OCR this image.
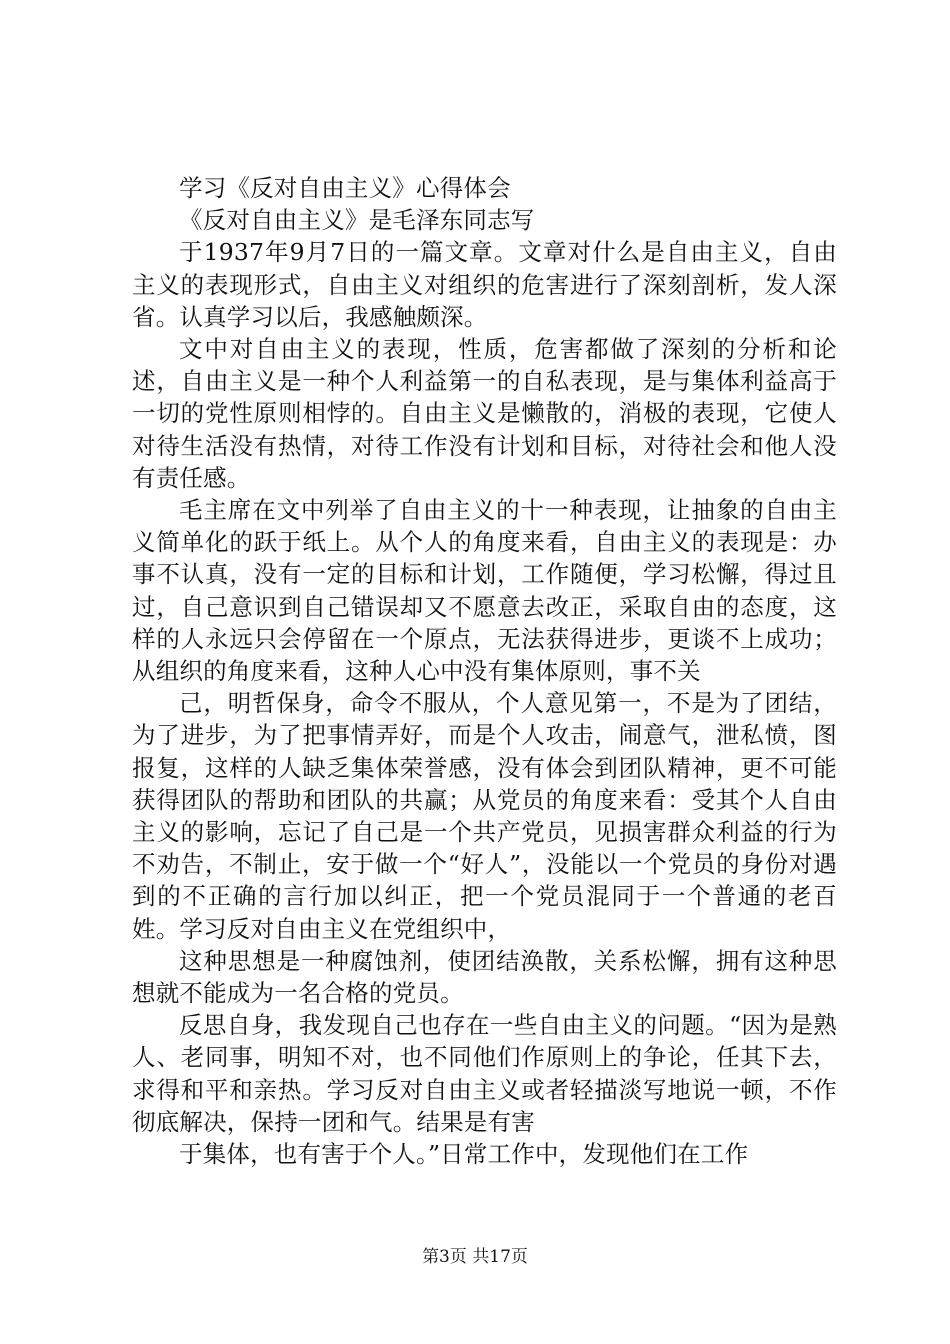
学习《反对自由主义》心得体会

《反对自由主义》是毛泽东同志写

于1937年9月7日的一篇文章。文章对什么是自由主义，自由主义的表现形式，自由主义对组织的危害进行了深刻剖析，发人深省。认真学习以后，我感触颇深。

文中对自由主义的表现，性质，危害都做了深刻的分析和论述，自由主义是一种个人利益第一的自私表现，是与集体利益高于一切的党性原则相悖的。自由主义是懒散的，消极的表现，它使人对待生活没有热情，对待工作没有计划和目标，对待社会和他人没有责任感。

毛主席在文中列举了自由主义的十一种表现，让抽象的自由主义简单化的跃于纸上。从个人的角度来看，自由主义的表现是：办事不认真，没有一定的目标和计划，工作随便，学习松懈，得过且过，自己意识到自己错误却又不愿意去改正，采取自由的态度，这样的人永远只会停留在一个原点，无法获得进步，更谈不上成功；从组织的角度来看，这种人心中没有集体原则，事不关

己，明哲保身，命令不服从，个人意见第一，不是为了团结，为了进步，为了把事情弄好，而是个人攻击，闹意气，泄私愤，图报复，这样的人缺乏集体荣誉感，没有体会到团队精神，更不可能获得团队的帮助和团队的共赢；从党员的角度来看：受其个人自由主义的影响，忘记了自己是一个共产党员，见损害群众利益的行为不劝告，不制止，安于做一个“好人”，没能以一个党员的身份对遇到的不正确的言行加以纠正，把一个党员混同于一个普通的老百姓。学习反对自由主义在党组织中，

这种思想是一种腐蚀剂，使团结涣散，关系松懈，拥有这种思想就不能成为一名合格的党员。

反思自身，我发现自己也存在一些自由主义的问题。“因为是熟人、老同事，明知不对，也不同他们作原则上的争论，任其下去，求得和平和亲热。学习反对自由主义或者轻描淡写地说一顿，不作彻底解决，保持一团和气。结果是有害

于集体，也有害于个人。”日常工作中，发现他们在工作

第3页 共17页
